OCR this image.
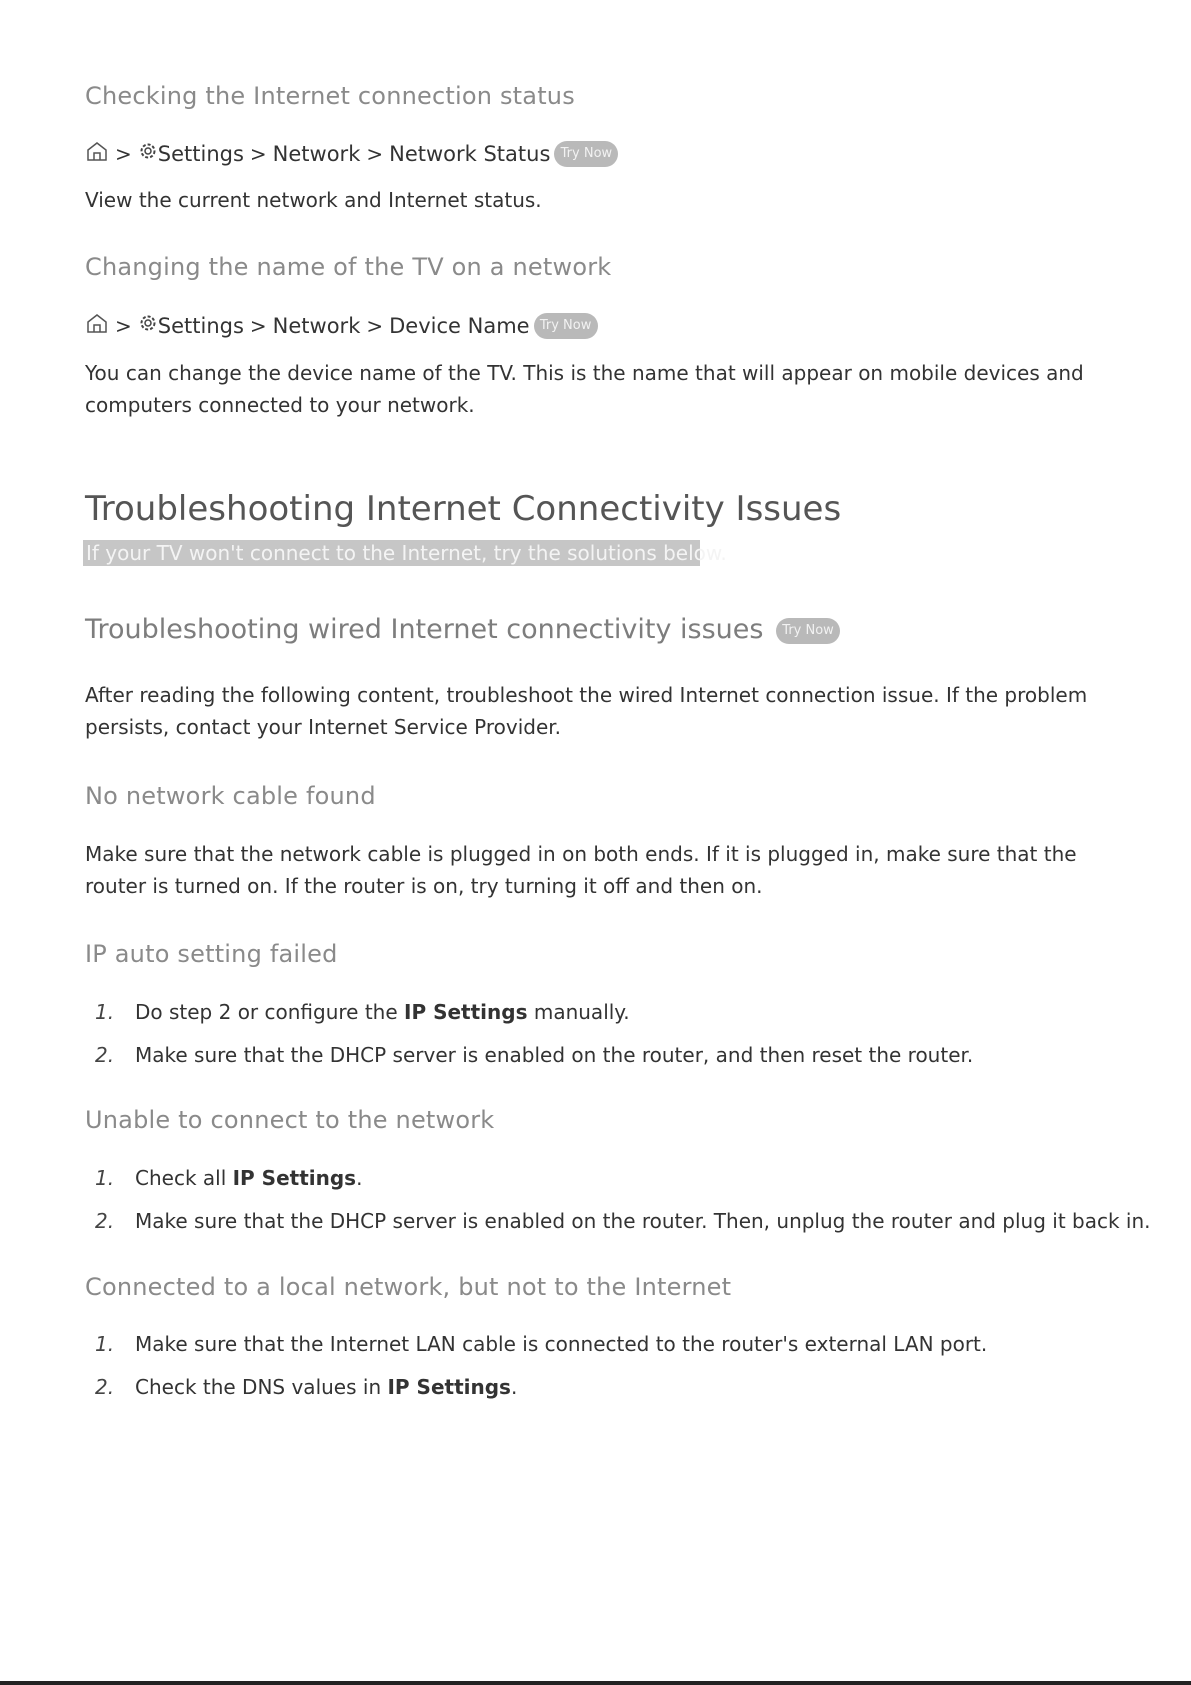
Checking the Internet connection status
> Settings > Network > Network Status Try Now
View the current network and Internet status.
Changing the name of the TV on a network
> Settings > Network > Device Name Try Now
You can change the device name of the TV. This is the name that will appear on mobile devices and computers connected to your network.
Troubleshooting Internet Connectivity Issues
If your TV won't connect to the Internet, try the solutions below.
Troubleshooting wired Internet connectivity issues Try Now
After reading the following content, troubleshoot the wired Internet connection issue. If the problem persists, contact your Internet Service Provider.
No network cable found
Make sure that the network cable is plugged in on both ends. If it is plugged in, make sure that the router is turned on. If the router is on, try turning it off and then on.
IP auto setting failed
1. Do step 2 or configure the IP Settings manually.
2. Make sure that the DHCP server is enabled on the router, and then reset the router.
Unable to connect to the network
1. Check all IP Settings.
2. Make sure that the DHCP server is enabled on the router. Then, unplug the router and plug it back in.
Connected to a local network, but not to the Internet
1. Make sure that the Internet LAN cable is connected to the router's external LAN port.
2. Check the DNS values in IP Settings.
